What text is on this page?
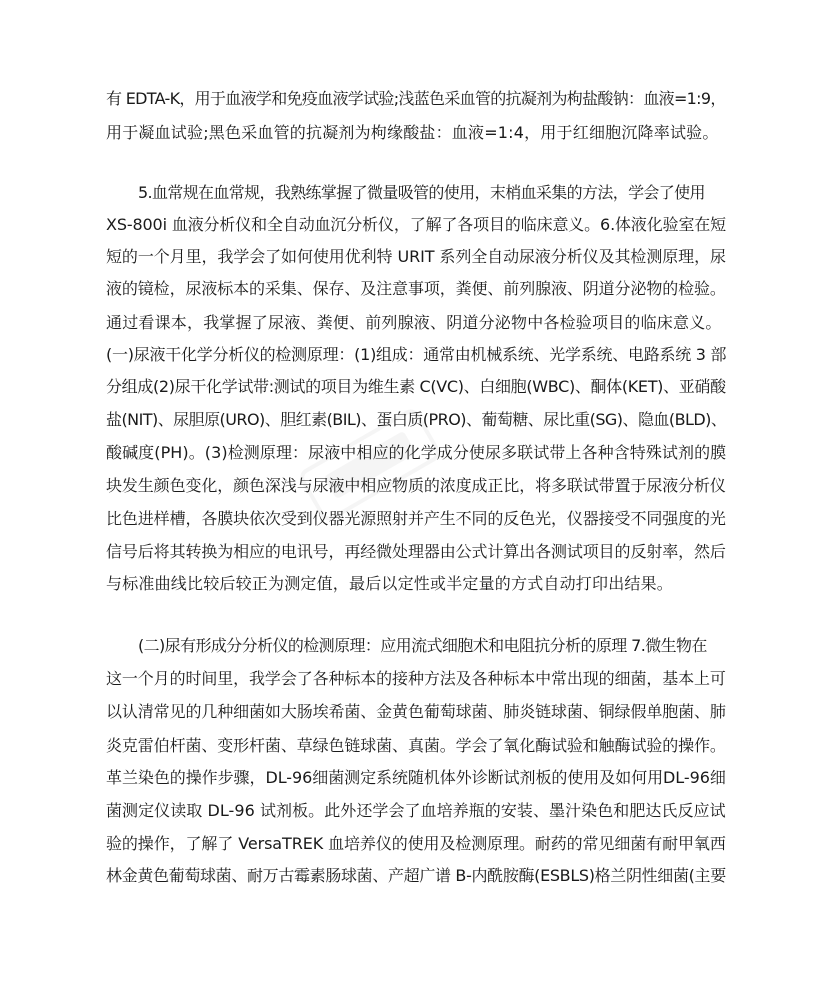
有 EDTA-K，用于血液学和免疫血液学试验;浅蓝色采血管的抗凝剂为枸盐酸钠：血液=1:9，
用于凝血试验;黑色采血管的抗凝剂为枸缘酸盐：血液=1:4，用于红细胞沉降率试验。
5.血常规在血常规，我熟练掌握了微量吸管的使用，末梢血采集的方法，学会了使用
XS-800i 血液分析仪和全自动血沉分析仪，了解了各项目的临床意义。6.体液化验室在短
短的一个月里，我学会了如何使用优利特 URIT 系列全自动尿液分析仪及其检测原理，尿
液的镜检，尿液标本的采集、保存、及注意事项，粪便、前列腺液、阴道分泌物的检验。
通过看课本，我掌握了尿液、粪便、前列腺液、阴道分泌物中各检验项目的临床意义。
(一)尿液干化学分析仪的检测原理：(1)组成：通常由机械系统、光学系统、电路系统 3 部
分组成(2)尿干化学试带:测试的项目为维生素 C(VC)、白细胞(WBC)、酮体(KET)、亚硝酸
盐(NIT)、尿胆原(URO)、胆红素(BIL)、蛋白质(PRO)、葡萄糖、尿比重(SG)、隐血(BLD)、
酸碱度(PH)。(3)检测原理：尿液中相应的化学成分使尿多联试带上各种含特殊试剂的膜
块发生颜色变化，颜色深浅与尿液中相应物质的浓度成正比，将多联试带置于尿液分析仪
比色进样槽，各膜块依次受到仪器光源照射并产生不同的反色光，仪器接受不同强度的光
信号后将其转换为相应的电讯号，再经微处理器由公式计算出各测试项目的反射率，然后
与标准曲线比较后较正为测定值，最后以定性或半定量的方式自动打印出结果。
(二)尿有形成分分析仪的检测原理：应用流式细胞术和电阻抗分析的原理 7.微生物在
这一个月的时间里，我学会了各种标本的接种方法及各种标本中常出现的细菌，基本上可
以认清常见的几种细菌如大肠埃希菌、金黄色葡萄球菌、肺炎链球菌、铜绿假单胞菌、肺
炎克雷伯杆菌、变形杆菌、草绿色链球菌、真菌。学会了氧化酶试验和触酶试验的操作。
革兰染色的操作步骤，DL-96细菌测定系统随机体外诊断试剂板的使用及如何用DL-96细
菌测定仪读取 DL-96 试剂板。此外还学会了血培养瓶的安装、墨汁染色和肥达氏反应试
验的操作，了解了 VersaTREK 血培养仪的使用及检测原理。耐药的常见细菌有耐甲氧西
林金黄色葡萄球菌、耐万古霉素肠球菌、产超广谱 Β-内酰胺酶(ESBLS)格兰阴性细菌(主要
